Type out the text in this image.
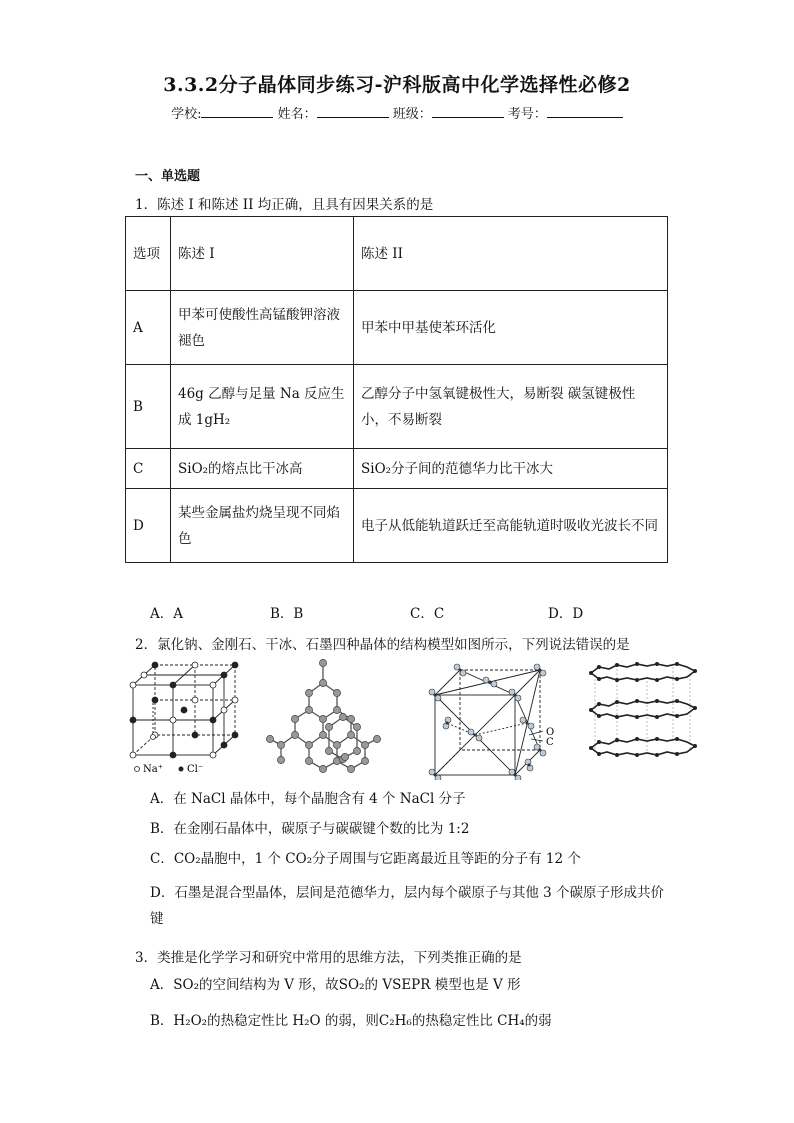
3.3.2分子晶体同步练习-沪科版高中化学选择性必修2
学校:	姓名：	班级：	考号：
一、单选题
1．陈述 I 和陈述 II 均正确，且具有因果关系的是
选项	陈述 I	陈述 II
A	甲苯可使酸性高锰酸钾溶液褪色	甲苯中甲基使苯环活化
B	46g 乙醇与足量 Na 反应生成 1gH₂	乙醇分子中氢氧键极性大，易断裂 碳氢键极性小，不易断裂
C	SiO₂的熔点比干冰高	SiO₂分子间的范德华力比干冰大
D	某些金属盐灼烧呈现不同焰色	电子从低能轨道跃迁至高能轨道时吸收光波长不同
A．A	B．B	C．C	D．D
2．氯化钠、金刚石、干冰、石墨四种晶体的结构模型如图所示，下列说法错误的是
Na⁺ Cl⁻
O
C
A．在 NaCl 晶体中，每个晶胞含有 4 个 NaCl 分子
B．在金刚石晶体中，碳原子与碳碳键个数的比为 1:2
C．CO₂晶胞中，1 个 CO₂分子周围与它距离最近且等距的分子有 12 个
D．石墨是混合型晶体，层间是范德华力，层内每个碳原子与其他 3 个碳原子形成共价键
3．类推是化学学习和研究中常用的思维方法，下列类推正确的是
A．SO₂的空间结构为 V 形，故SO₂的 VSEPR 模型也是 V 形
B．H₂O₂的热稳定性比 H₂O 的弱，则C₂H₆的热稳定性比 CH₄的弱
